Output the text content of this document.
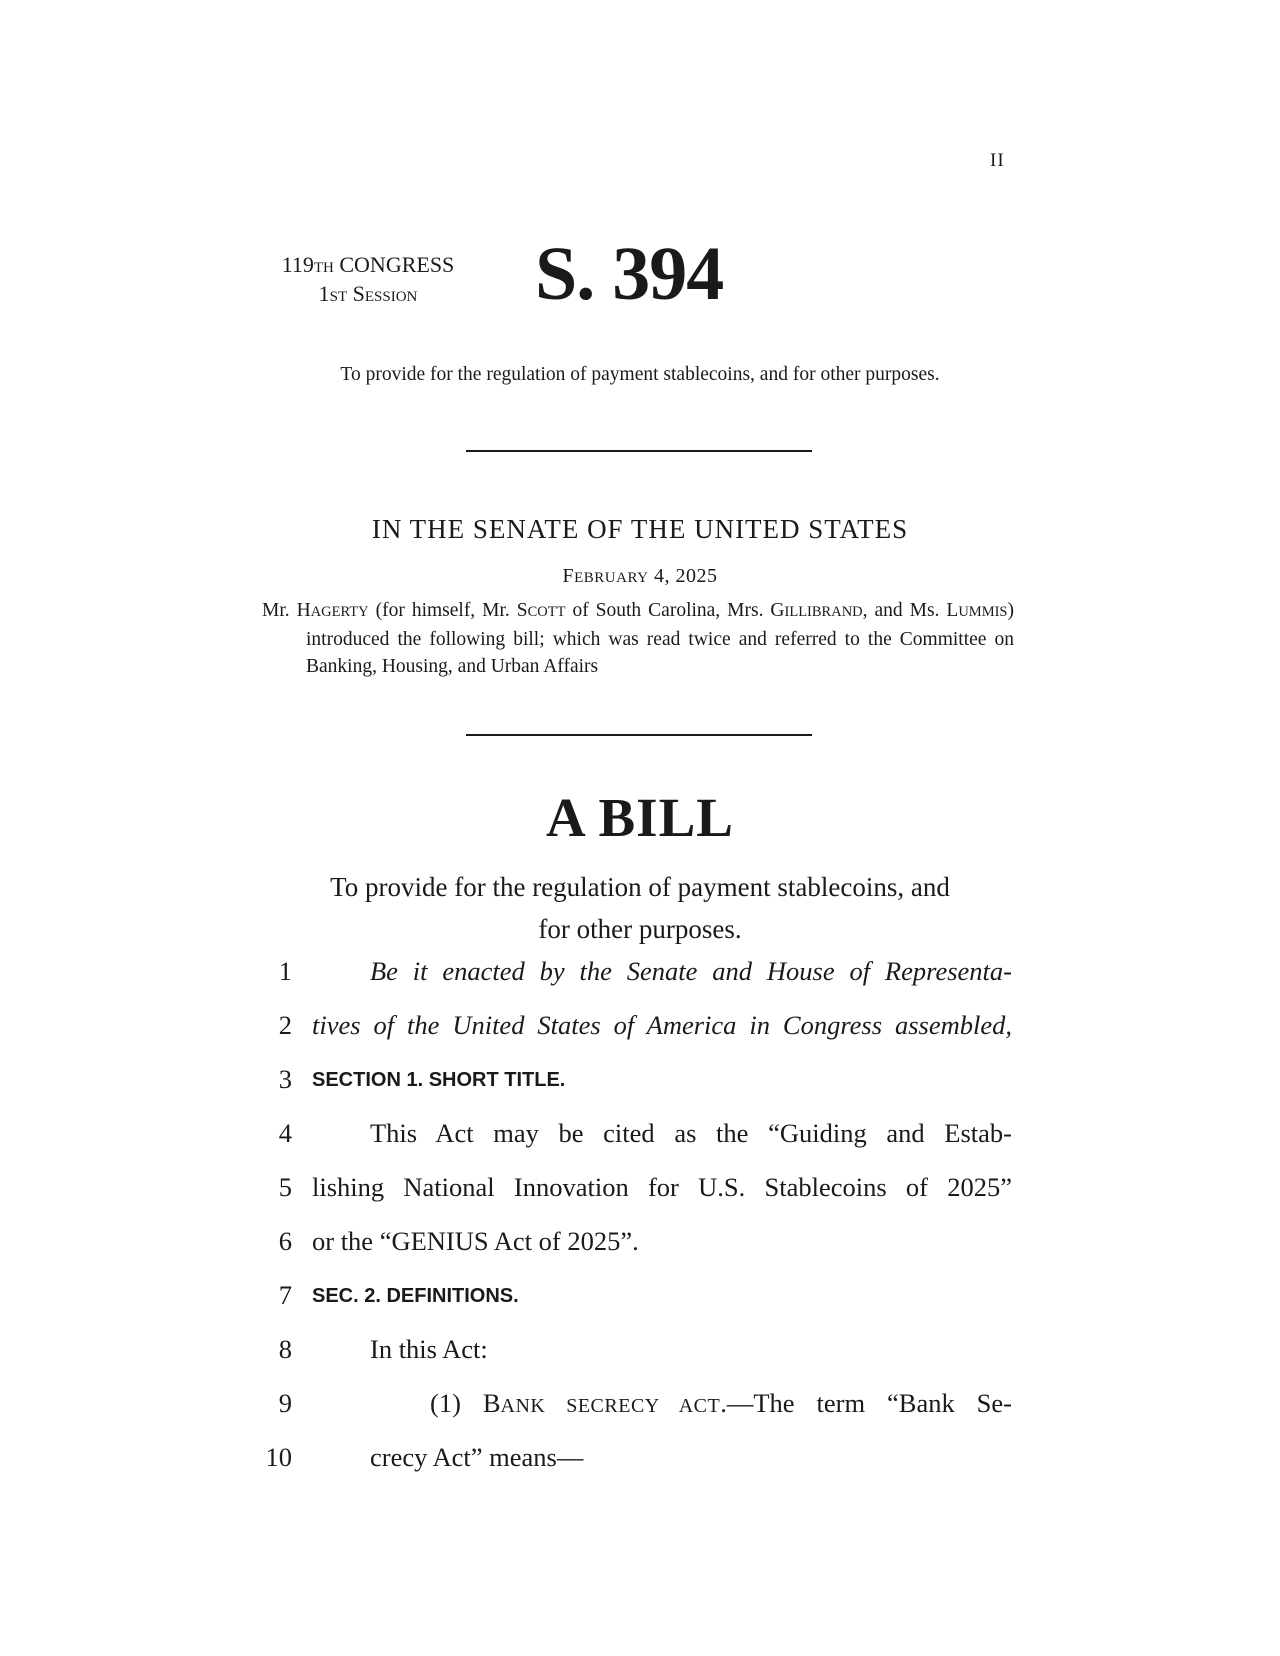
II
119TH CONGRESS
1ST SESSION	S. 394
To provide for the regulation of payment stablecoins, and for other purposes.
IN THE SENATE OF THE UNITED STATES
FEBRUARY 4, 2025

Mr. HAGERTY (for himself, Mr. SCOTT of South Carolina, Mrs. GILLIBRAND, and Ms. LUMMIS) introduced the following bill; which was read twice and referred to the Committee on Banking, Housing, and Urban Affairs

A BILL
To provide for the regulation of payment stablecoins, and
for other purposes.
1	Be it enacted by the Senate and House of Representa-
2 tives of the United States of America in Congress assembled,
3 SECTION 1. SHORT TITLE.
4	This Act may be cited as the “​Guiding and Estab-
5 lishing National Innovation for U.S. Stablecoins of 2025”
6 or the “GENIUS Act of 2025”.
7 SEC. 2. DEFINITIONS.
8	In this Act:
9	(1) BANK SECRECY ACT.—The term “Bank Se-
10	crecy Act” means—
